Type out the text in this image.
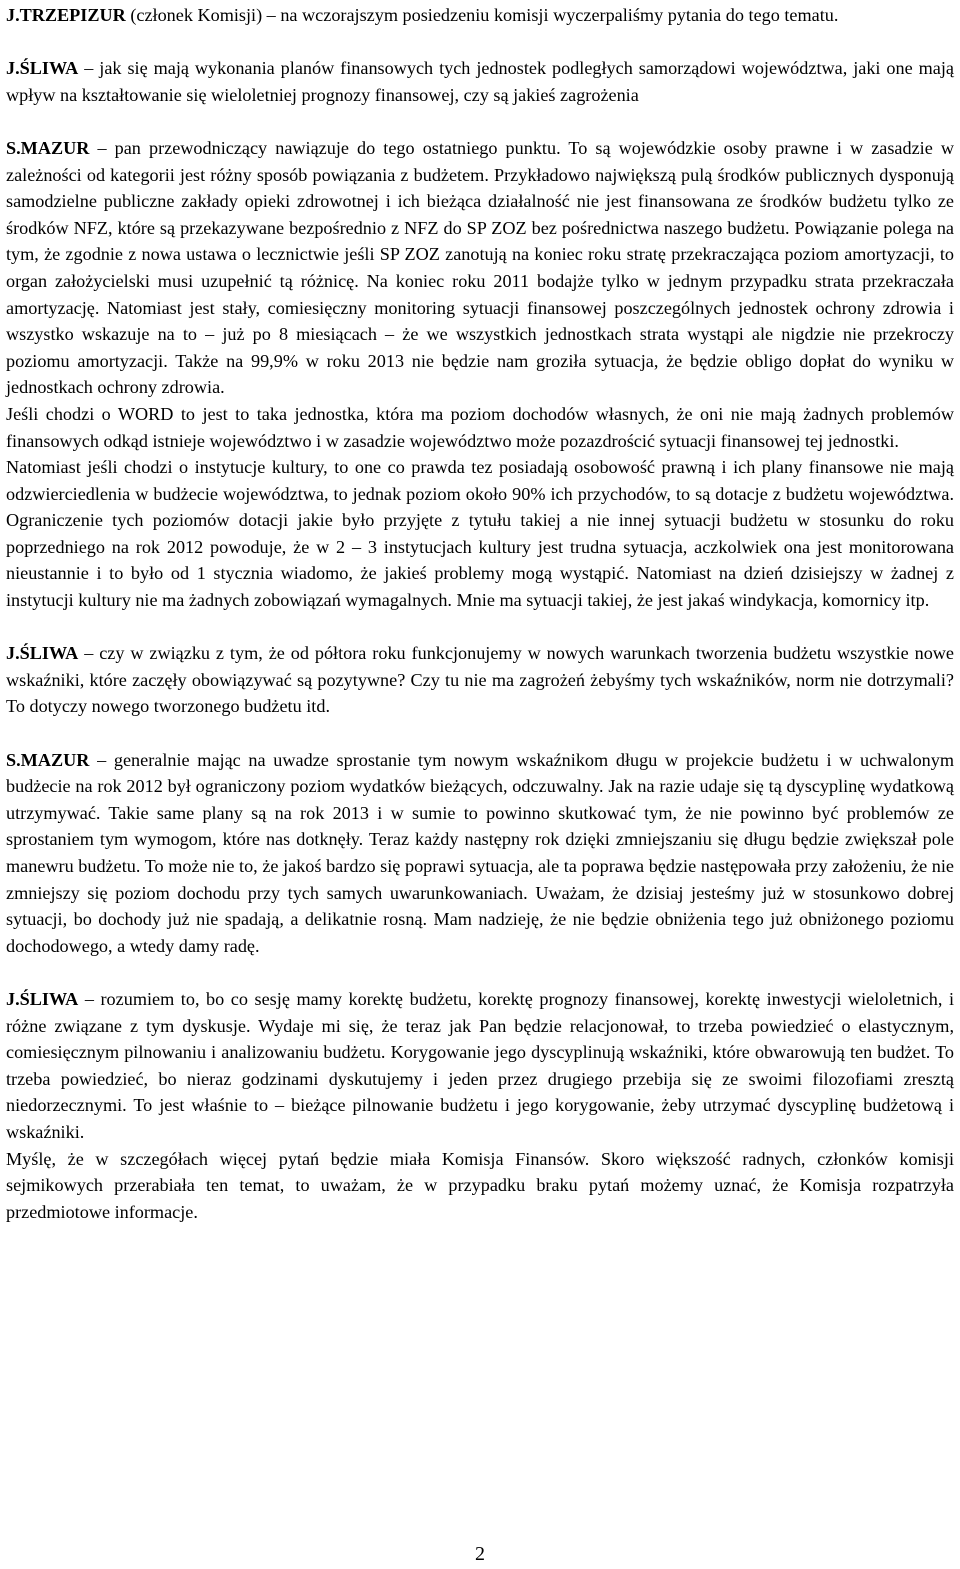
J.TRZEPIZUR (członek Komisji) – na wczorajszym posiedzeniu komisji wyczerpaliśmy pytania do tego tematu.

J.ŚLIWA – jak się mają wykonania planów finansowych tych jednostek podległych samorządowi województwa, jaki one mają wpływ na kształtowanie się wieloletniej prognozy finansowej, czy są jakieś zagrożenia

S.MAZUR – pan przewodniczący nawiązuje do tego ostatniego punktu. To są wojewódzkie osoby prawne i w zasadzie w zależności od kategorii jest różny sposób powiązania z budżetem. Przykładowo największą pulą środków publicznych dysponują samodzielne publiczne zakłady opieki zdrowotnej i ich bieżąca działalność nie jest finansowana ze środków budżetu tylko ze środków NFZ, które są przekazywane bezpośrednio z NFZ do SP ZOZ bez pośrednictwa naszego budżetu. Powiązanie polega na tym, że zgodnie z nowa ustawa o lecznictwie jeśli SP ZOZ zanotują na koniec roku stratę przekraczająca poziom amortyzacji, to organ założycielski musi uzupełnić tą różnicę. Na koniec roku 2011 bodajże tylko w jednym przypadku strata przekraczała amortyzację. Natomiast jest stały, comiesięczny monitoring sytuacji finansowej poszczególnych jednostek ochrony zdrowia i wszystko wskazuje na to – już po 8 miesiącach – że we wszystkich jednostkach strata wystąpi ale nigdzie nie przekroczy poziomu amortyzacji. Także na 99,9% w roku 2013 nie będzie nam groziła sytuacja, że będzie obligo dopłat do wyniku w jednostkach ochrony zdrowia.

Jeśli chodzi o WORD to jest to taka jednostka, która ma poziom dochodów własnych, że oni nie mają żadnych problemów finansowych odkąd istnieje województwo i w zasadzie województwo może pozazdrościć sytuacji finansowej tej jednostki.

Natomiast jeśli chodzi o instytucje kultury, to one co prawda tez posiadają osobowość prawną i ich plany finansowe nie mają odzwierciedlenia w budżecie województwa, to jednak poziom około 90% ich przychodów, to są dotacje z budżetu województwa. Ograniczenie tych poziomów dotacji jakie było przyjęte z tytułu takiej a nie innej sytuacji budżetu w stosunku do roku poprzedniego na rok 2012 powoduje, że w 2 – 3 instytucjach kultury jest trudna sytuacja, aczkolwiek ona jest monitorowana nieustannie i to było od 1 stycznia wiadomo, że jakieś problemy mogą wystąpić. Natomiast na dzień dzisiejszy w żadnej z instytucji kultury nie ma żadnych zobowiązań wymagalnych. Mnie ma sytuacji takiej, że jest jakaś windykacja, komornicy itp.

J.ŚLIWA – czy w związku z tym, że od półtora roku funkcjonujemy w nowych warunkach tworzenia budżetu wszystkie nowe wskaźniki, które zaczęły obowiązywać są pozytywne? Czy tu nie ma zagrożeń żebyśmy tych wskaźników, norm nie dotrzymali? To dotyczy nowego tworzonego budżetu itd.

S.MAZUR – generalnie mając na uwadze sprostanie tym nowym wskaźnikom długu w projekcie budżetu i w uchwalonym budżecie na rok 2012 był ograniczony poziom wydatków bieżących, odczuwalny. Jak na razie udaje się tą dyscyplinę wydatkową utrzymywać. Takie same plany są na rok 2013 i w sumie to powinno skutkować tym, że nie powinno być problemów ze sprostaniem tym wymogom, które nas dotknęły. Teraz każdy następny rok dzięki zmniejszaniu się długu będzie zwiększał pole manewru budżetu. To może nie to, że jakoś bardzo się poprawi sytuacja, ale ta poprawa będzie następowała przy założeniu, że nie zmniejszy się poziom dochodu przy tych samych uwarunkowaniach. Uważam, że dzisiaj jesteśmy już w stosunkowo dobrej sytuacji, bo dochody już nie spadają, a delikatnie rosną. Mam nadzieję, że nie będzie obniżenia tego już obniżonego poziomu dochodowego, a wtedy damy radę.

J.ŚLIWA – rozumiem to, bo co sesję mamy korektę budżetu, korektę prognozy finansowej, korektę inwestycji wieloletnich, i różne związane z tym dyskusje. Wydaje mi się, że teraz jak Pan będzie relacjonował, to trzeba powiedzieć o elastycznym, comiesięcznym pilnowaniu i analizowaniu budżetu. Korygowanie jego dyscyplinują wskaźniki, które obwarowują ten budżet. To trzeba powiedzieć, bo nieraz godzinami dyskutujemy i jeden przez drugiego przebija się ze swoimi filozofiami zresztą niedorzecznymi. To jest właśnie to – bieżące pilnowanie budżetu i jego korygowanie, żeby utrzymać dyscyplinę budżetową i wskaźniki.

Myślę, że w szczegółach więcej pytań będzie miała Komisja Finansów. Skoro większość radnych, członków komisji sejmikowych przerabiała ten temat, to uważam, że w przypadku braku pytań możemy uznać, że Komisja rozpatrzyła przedmiotowe informacje.

2
